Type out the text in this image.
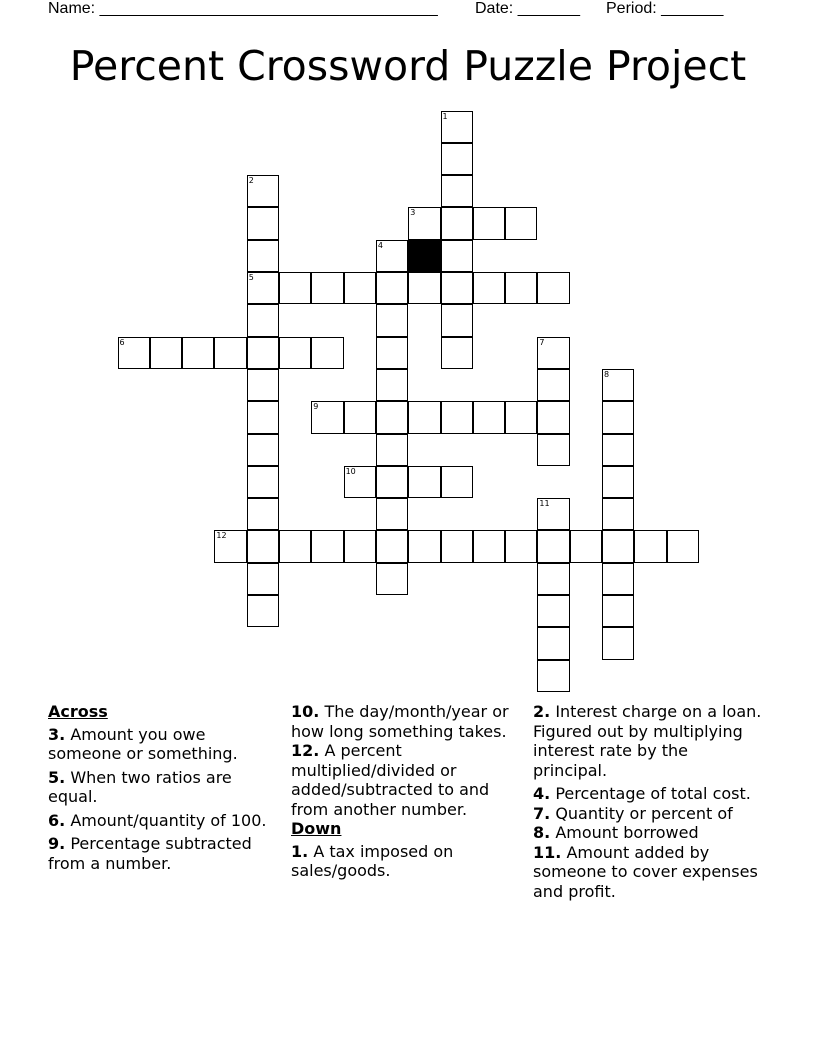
Name: ______________________________________ Date: _______ Period: _______
Percent Crossword Puzzle Project
1
2
3
4
5
6	7
8
9
10
11
12
Across
3. Amount you owe someone or something.
5. When two ratios are equal.
6. Amount/quantity of 100.
9. Percentage subtracted from a number.
10. The day/month/year or how long something takes.
12. A percent multiplied/divided or added/subtracted to and from another number.
Down
1. A tax imposed on sales/goods.
2. Interest charge on a loan. Figured out by multiplying interest rate by the principal.
4. Percentage of total cost.
7. Quantity or percent of
8. Amount borrowed
11. Amount added by someone to cover expenses and profit.
